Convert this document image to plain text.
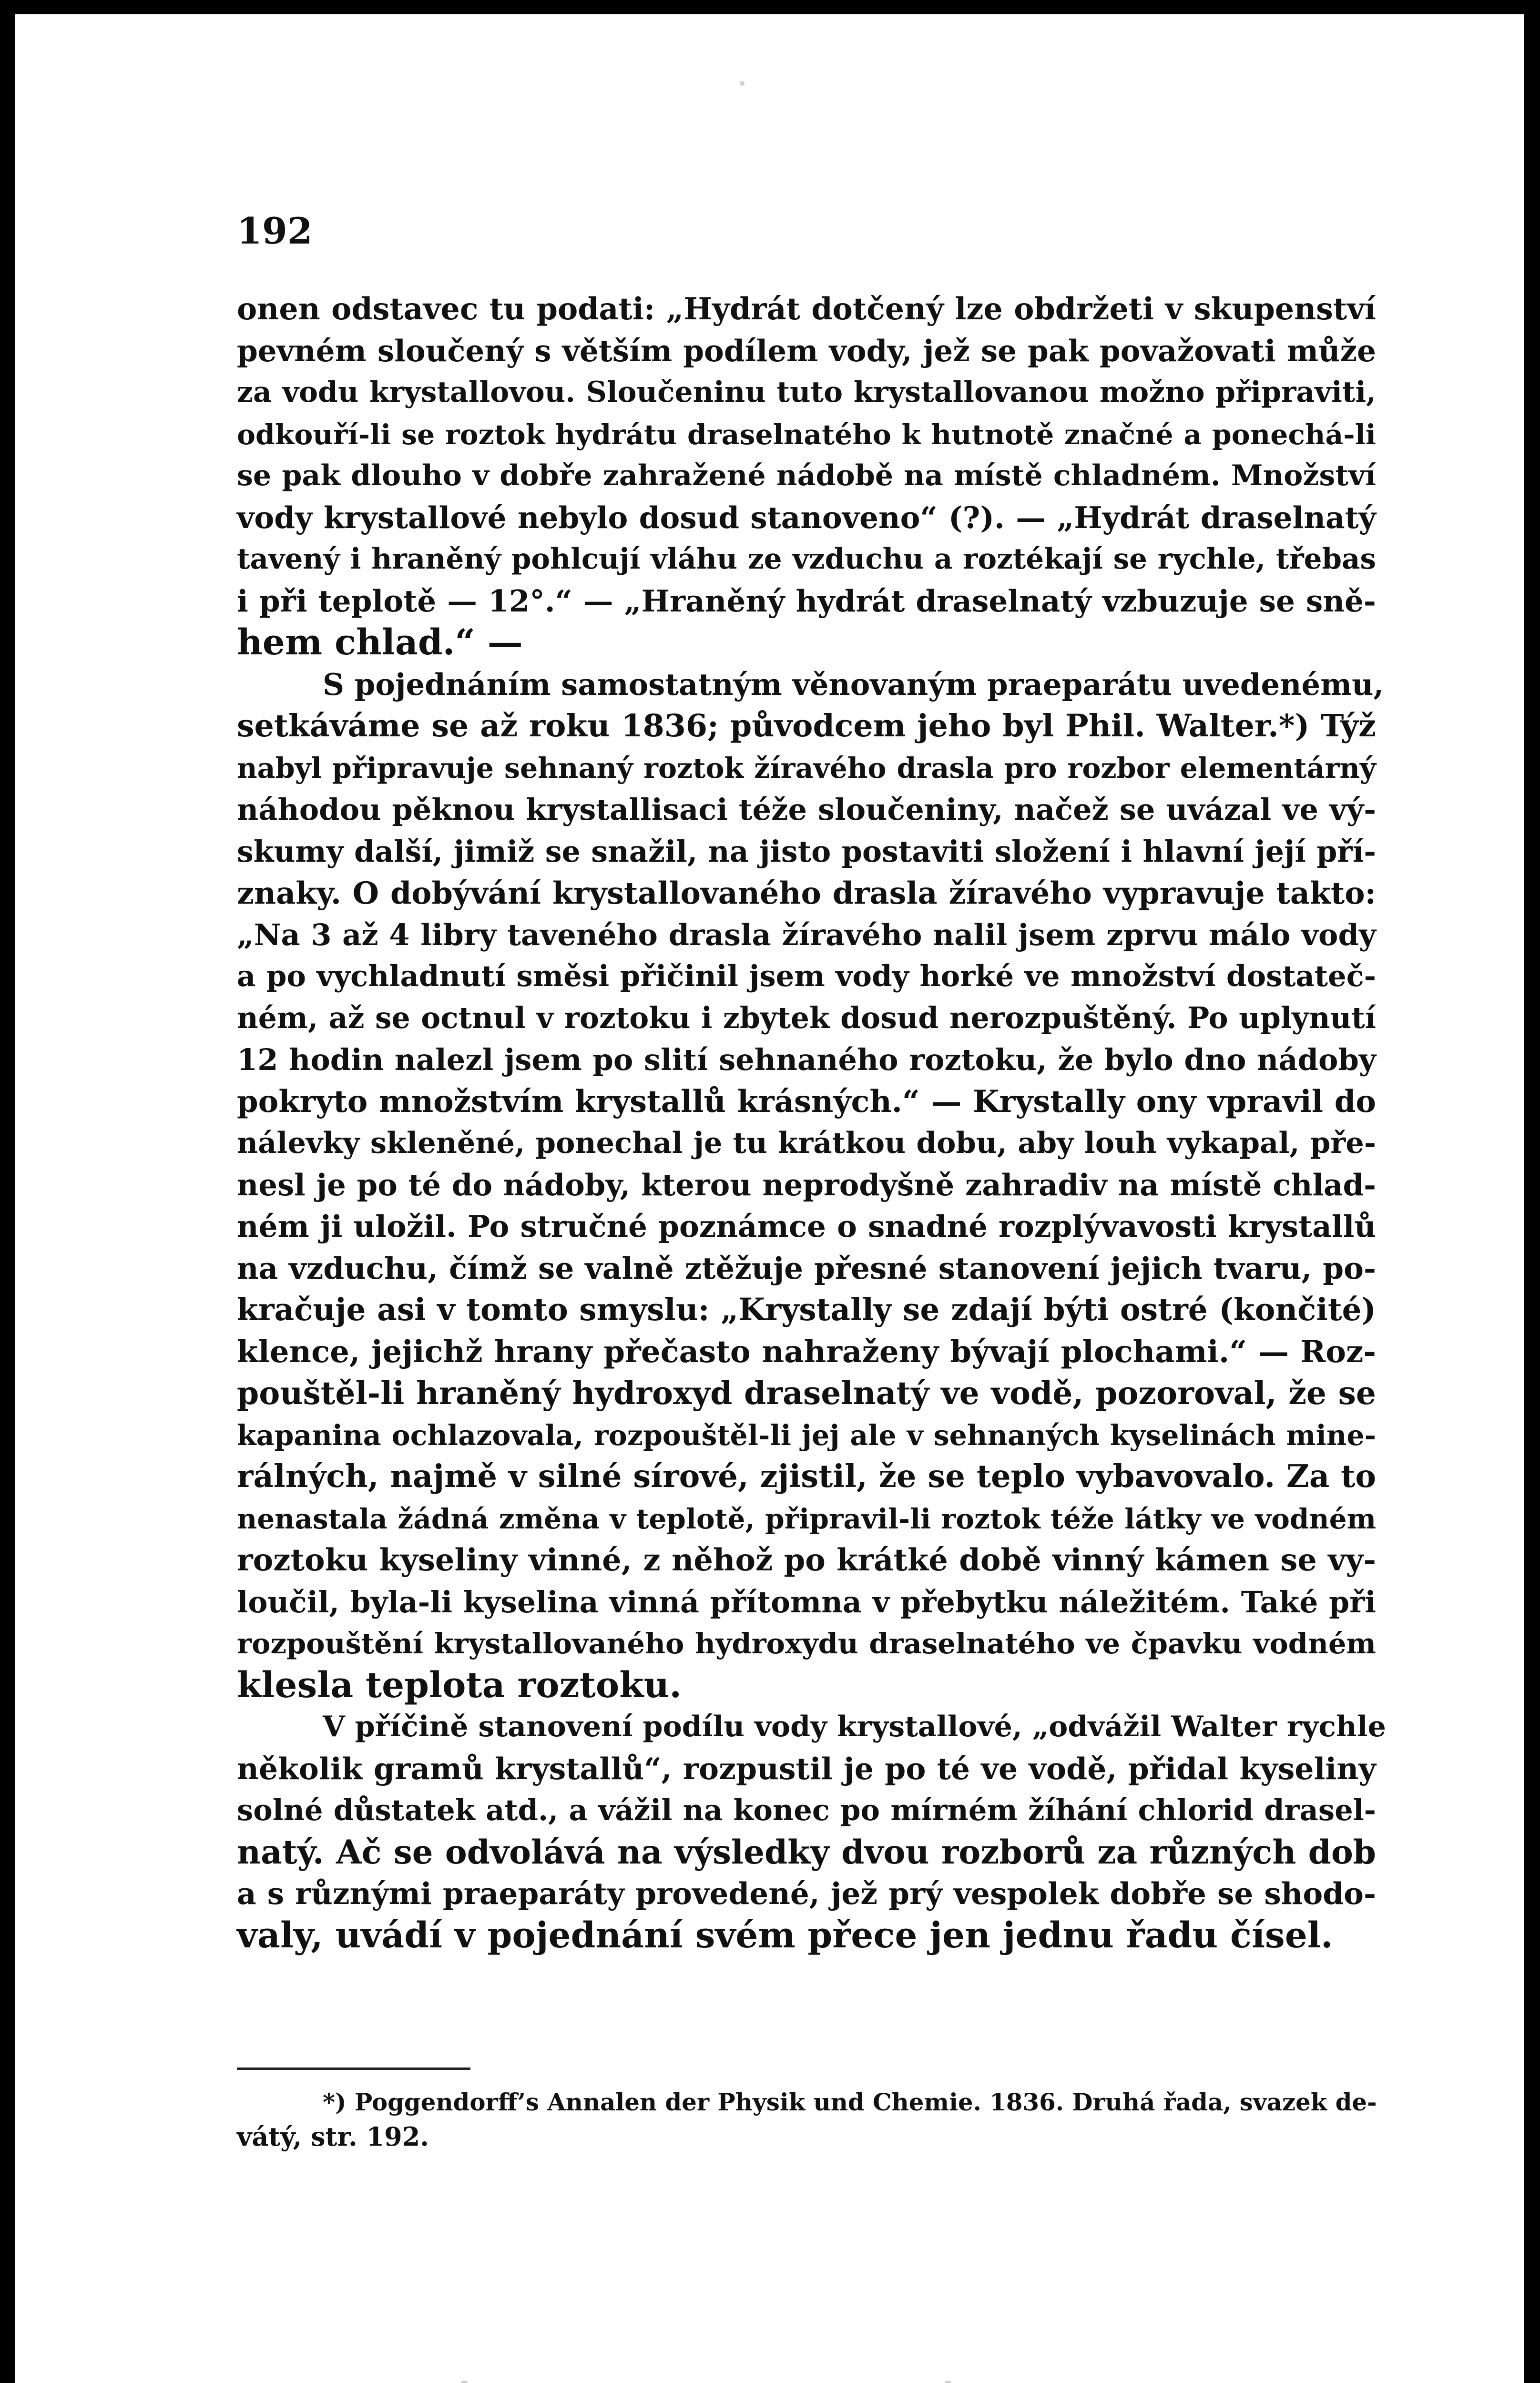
192

onen odstavec tu podati: „Hydrát dotčený lze obdržeti v skupenství
pevném sloučený s větším podílem vody, jež se pak považovati může
za vodu krystallovou. Sloučeninu tuto krystallovanou možno připraviti,
odkouří-li se roztok hydrátu draselnatého k hutnotě značné a ponechá-li
se pak dlouho v dobře zahražené nádobě na místě chladném. Množství
vody krystallové nebylo dosud stanoveno“ (?). — „Hydrát draselnatý
tavený i hraněný pohlcují vláhu ze vzduchu a roztékají se rychle, třebas
i při teplotě — 12°.“ — „Hraněný hydrát draselnatý vzbuzuje se sně-
hem chlad.“ —
S pojednáním samostatným věnovaným praeparátu uvedenému,
setkáváme se až roku 1836; původcem jeho byl Phil. Walter.*) Týž
nabyl připravuje sehnaný roztok žíravého drasla pro rozbor elementárný
náhodou pěknou krystallisaci téže sloučeniny, načež se uvázal ve vý-
skumy další, jimiž se snažil, na jisto postaviti složení i hlavní její pří-
znaky. O dobývání krystallovaného drasla žíravého vypravuje takto:
„Na 3 až 4 libry taveného drasla žíravého nalil jsem zprvu málo vody
a po vychladnutí směsi přičinil jsem vody horké ve množství dostateč-
ném, až se octnul v roztoku i zbytek dosud nerozpuštěný. Po uplynutí
12 hodin nalezl jsem po slití sehnaného roztoku, že bylo dno nádoby
pokryto množstvím krystallů krásných.“ — Krystally ony vpravil do
nálevky skleněné, ponechal je tu krátkou dobu, aby louh vykapal, pře-
nesl je po té do nádoby, kterou neprodyšně zahradiv na místě chlad-
ném ji uložil. Po stručné poznámce o snadné rozplývavosti krystallů
na vzduchu, čímž se valně ztěžuje přesné stanovení jejich tvaru, po-
kračuje asi v tomto smyslu: „Krystally se zdají býti ostré (končité)
klence, jejichž hrany přečasto nahraženy bývají plochami.“ — Roz-
pouštěl-li hraněný hydroxyd draselnatý ve vodě, pozoroval, že se
kapanina ochlazovala, rozpouštěl-li jej ale v sehnaných kyselinách mine-
rálných, najmě v silné sírové, zjistil, že se teplo vybavovalo. Za to
nenastala žádná změna v teplotě, připravil-li roztok téže látky ve vodném
roztoku kyseliny vinné, z něhož po krátké době vinný kámen se vy-
loučil, byla-li kyselina vinná přítomna v přebytku náležitém. Také při
rozpouštění krystallovaného hydroxydu draselnatého ve čpavku vodném
klesla teplota roztoku.
V příčině stanovení podílu vody krystallové, „odvážil Walter rychle
několik gramů krystallů“, rozpustil je po té ve vodě, přidal kyseliny
solné důstatek atd., a vážil na konec po mírném žíhání chlorid drasel-
natý. Ač se odvolává na výsledky dvou rozborů za různých dob
a s různými praeparáty provedené, jež prý vespolek dobře se shodo-
valy, uvádí v pojednání svém přece jen jednu řadu čísel.
*) Poggendorff’s Annalen der Physik und Chemie. 1836. Druhá řada, svazek de-
vátý, str. 192.
